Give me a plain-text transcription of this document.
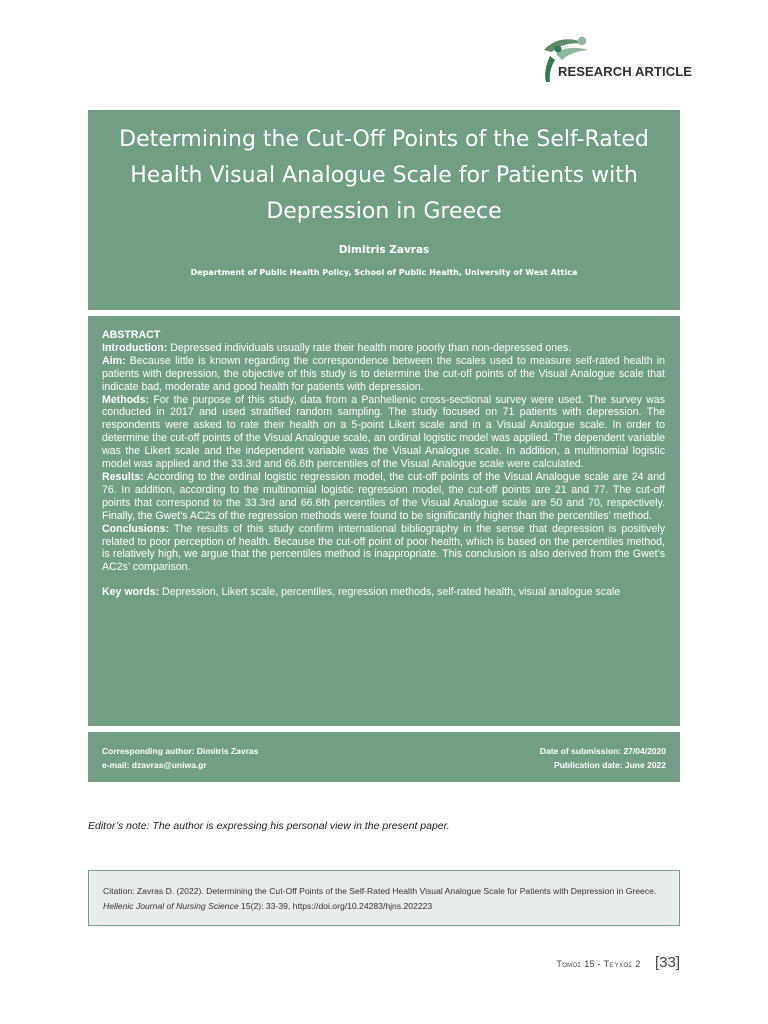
RESEARCH ARTICLE
Determining the Cut-Off Points of the Self-Rated Health Visual Analogue Scale for Patients with Depression in Greece
Dimitris Zavras
Department of Public Health Policy, School of Public Health, University of West Attica

ABSTRACT

Introduction: Depressed individuals usually rate their health more poorly than non-depressed ones.

Aim: Because little is known regarding the correspondence between the scales used to measure self-rated health in patients with depression, the objective of this study is to determine the cut-off points of the Visual Analogue scale that indicate bad, moderate and good health for patients with depression.

Methods: For the purpose of this study, data from a Panhellenic cross-sectional survey were used. The survey was conducted in 2017 and used stratified random sampling. The study focused on 71 patients with depression. The respondents were asked to rate their health on a 5-point Likert scale and in a Visual Analogue scale. In order to determine the cut-off points of the Visual Analogue scale, an ordinal logistic model was applied. The dependent variable was the Likert scale and the independent variable was the Visual Analogue scale. In addition, a multinomial logistic model was applied and the 33.3rd and 66.6th percentiles of the Visual Analogue scale were calculated.

Results: According to the ordinal logistic regression model, the cut-off points of the Visual Analogue scale are 24 and 76. In addition, according to the multinomial logistic regression model, the cut-off points are 21 and 77. The cut-off points that correspond to the 33.3rd and 66.6th percentiles of the Visual Analogue scale are 50 and 70, respectively. Finally, the Gwet’s AC2s of the regression methods were found to be significantly higher than the percentiles’ method.

Conclusions: The results of this study confirm international bibliography in the sense that depression is positively related to poor perception of health. Because the cut-off point of poor health, which is based on the percentiles method, is relatively high, we argue that the percentiles method is inappropriate. This conclusion is also derived from the Gwet’s AC2s’ comparison.

Key words: Depression, Likert scale, percentiles, regression methods, self-rated health, visual analogue scale

Corresponding author: Dimitris Zavras
e-mail: dzavras@uniwa.gr
Date of submission: 27/04/2020
Publication date: June 2022
Editor’s note: The author is expressing his personal view in the present paper.
Citation: Zavras D. (2022). Determining the Cut-Off Points of the Self-Rated Health Visual Analogue Scale for Patients with Depression in Greece. Hellenic Journal of Nursing Science 15(2): 33-39, https://doi.org/10.24283/hjns.202223
Τόμος 15 - Τεύχος 2 [33]
